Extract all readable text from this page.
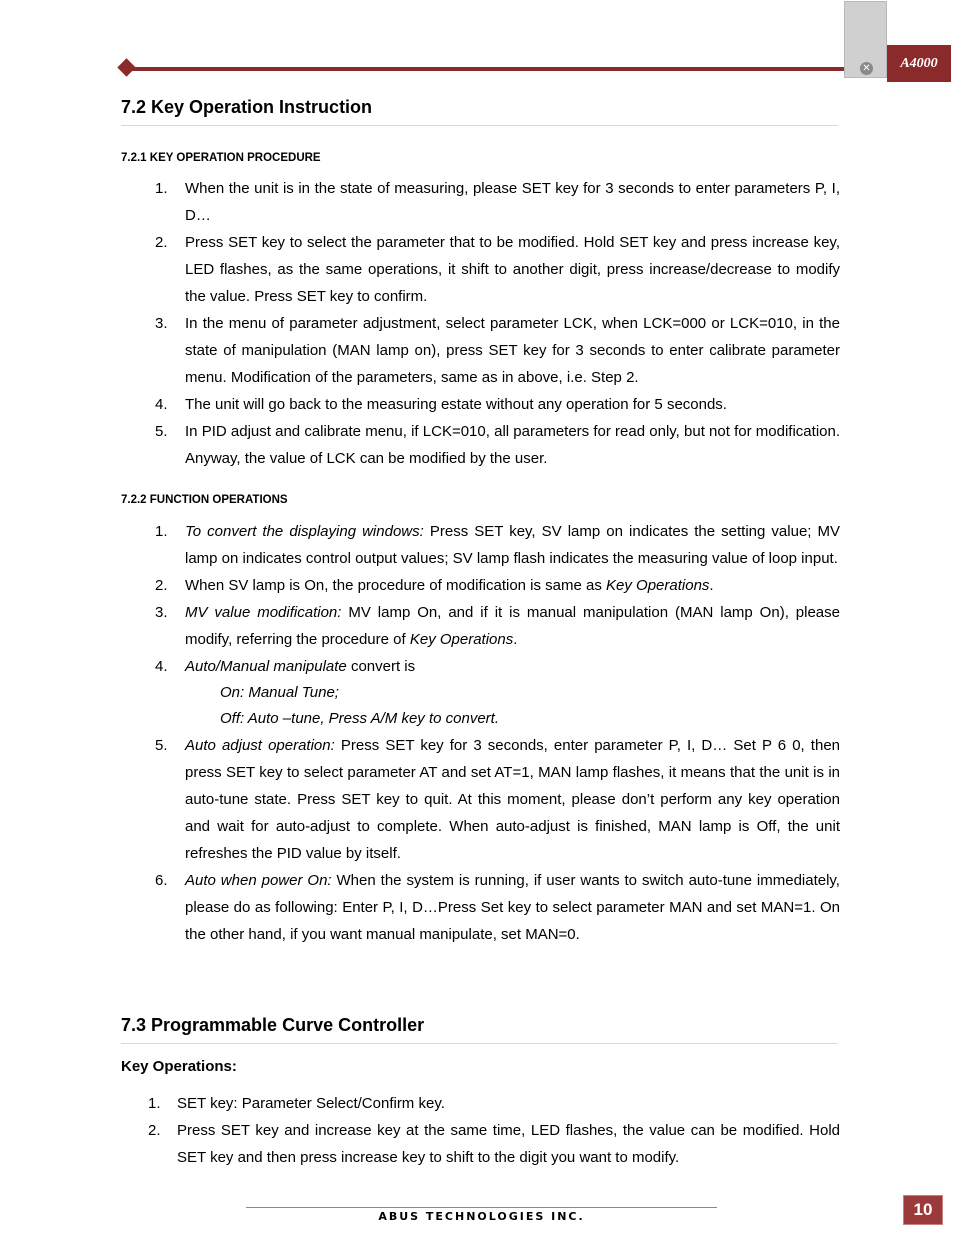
✕	A4000
7.2 Key Operation Instruction
7.2.1 KEY OPERATION PROCEDURE
1. When the unit is in the state of measuring, please SET key for 3 seconds to enter parameters P, I, D…
2. Press SET key to select the parameter that to be modified. Hold SET key and press increase key, LED flashes, as the same operations, it shift to another digit, press increase/decrease to modify the value. Press SET key to confirm.
3. In the menu of parameter adjustment, select parameter LCK, when LCK=000 or LCK=010, in the state of manipulation (MAN lamp on), press SET key for 3 seconds to enter calibrate parameter menu. Modification of the parameters, same as in above, i.e. Step 2.
4. The unit will go back to the measuring estate without any operation for 5 seconds.
5. In PID adjust and calibrate menu, if LCK=010, all parameters for read only, but not for modification. Anyway, the value of LCK can be modified by the user.
7.2.2 FUNCTION OPERATIONS
1. To convert the displaying windows: Press SET key, SV lamp on indicates the setting value; MV lamp on indicates control output values; SV lamp flash indicates the measuring value of loop input.
2. When SV lamp is On, the procedure of modification is same as Key Operations.
3. MV value modification: MV lamp On, and if it is manual manipulation (MAN lamp On), please modify, referring the procedure of Key Operations.
4. Auto/Manual manipulate convert is
On: Manual Tune;
Off: Auto –tune, Press A/M key to convert.
5. Auto adjust operation: Press SET key for 3 seconds, enter parameter P, I, D… Set P 6 0, then press SET key to select parameter AT and set AT=1, MAN lamp flashes, it means that the unit is in auto-tune state. Press SET key to quit. At this moment, please don’t perform any key operation and wait for auto-adjust to complete. When auto-adjust is finished, MAN lamp is Off, the unit refreshes the PID value by itself.
6. Auto when power On: When the system is running, if user wants to switch auto-tune immediately, please do as following: Enter P, I, D…Press Set key to select parameter MAN and set MAN=1. On the other hand, if you want manual manipulate, set MAN=0.
7.3 Programmable Curve Controller
Key Operations:
1. SET key: Parameter Select/Confirm key.
2. Press SET key and increase key at the same time, LED flashes, the value can be modified. Hold SET key and then press increase key to shift to the digit you want to modify.
ABUS TECHNOLOGIES INC.	10
